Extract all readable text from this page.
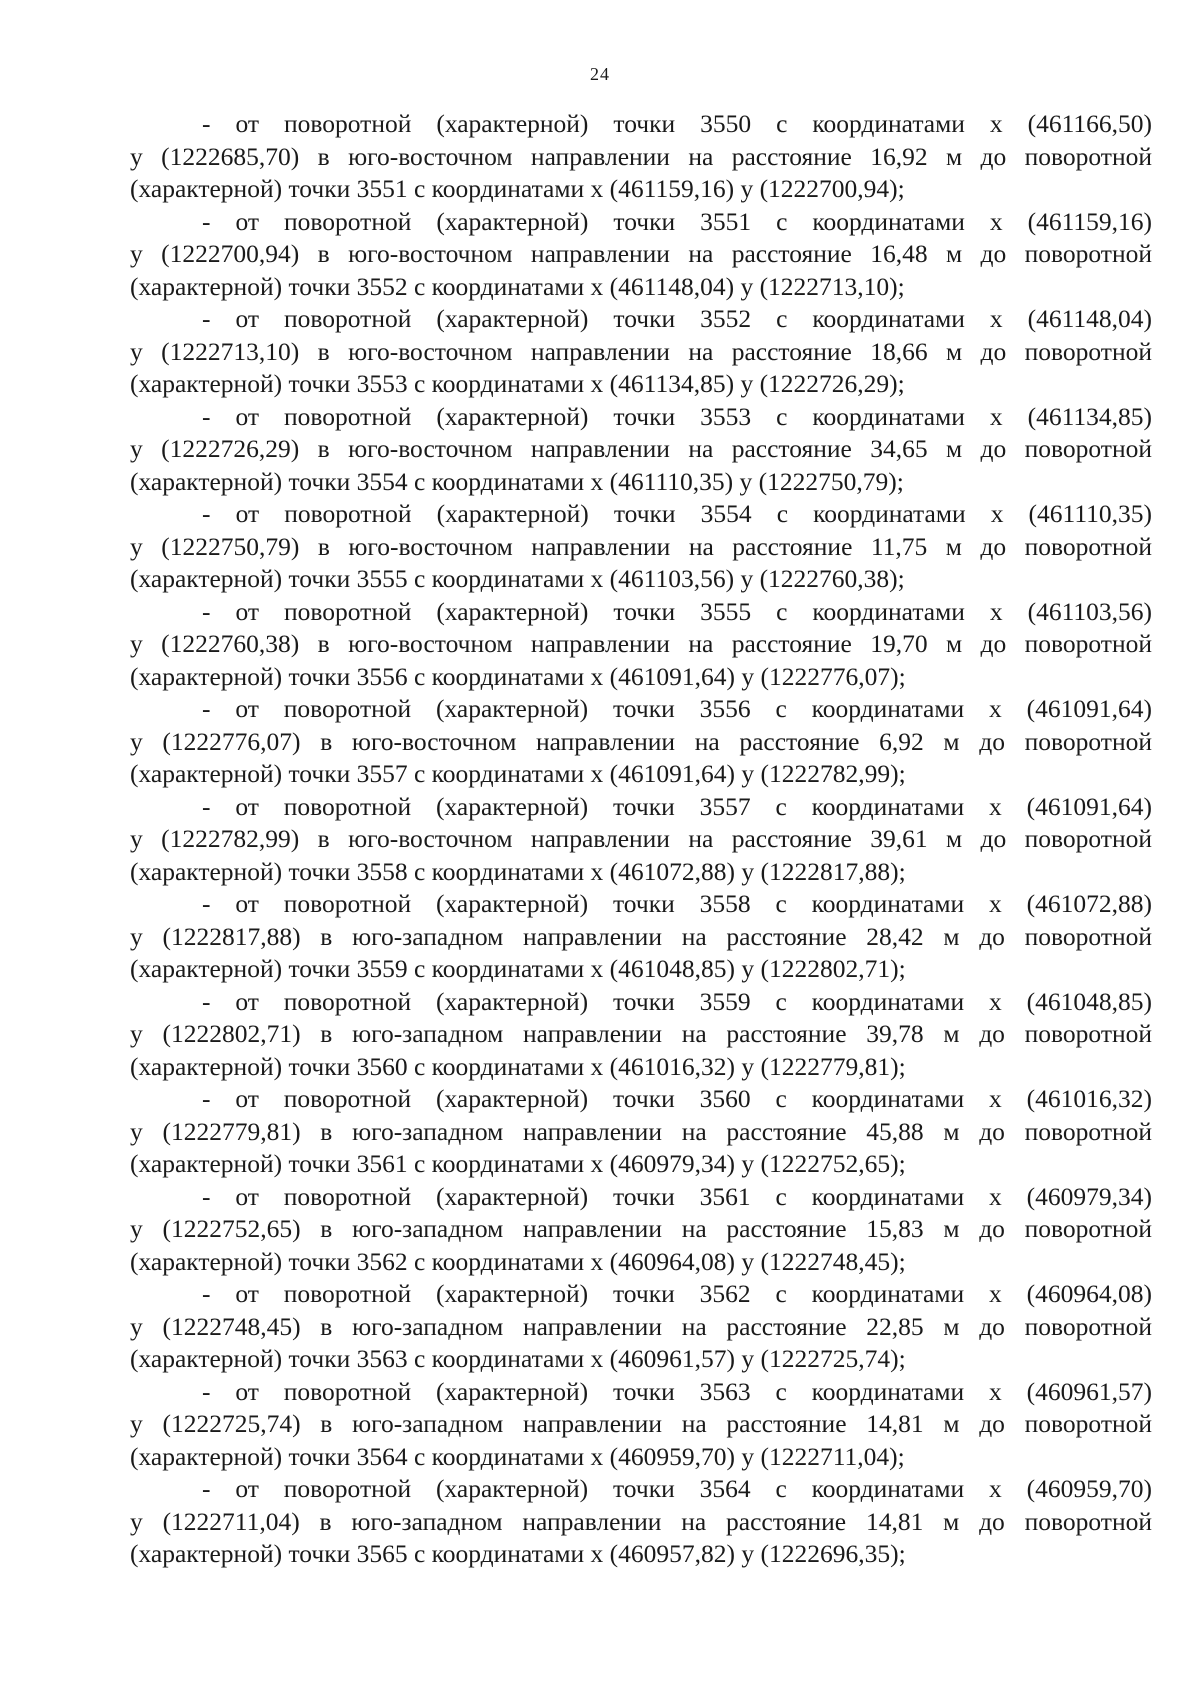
24

- от поворотной (характерной) точки 3550 с координатами х (461166,50)
у (1222685,70) в юго-восточном направлении на расстояние 16,92 м до поворотной
(характерной) точки 3551 с координатами х (461159,16) у (1222700,94);

- от поворотной (характерной) точки 3551 с координатами х (461159,16)
у (1222700,94) в юго-восточном направлении на расстояние 16,48 м до поворотной
(характерной) точки 3552 с координатами х (461148,04) у (1222713,10);

- от поворотной (характерной) точки 3552 с координатами х (461148,04)
у (1222713,10) в юго-восточном направлении на расстояние 18,66 м до поворотной
(характерной) точки 3553 с координатами х (461134,85) у (1222726,29);

- от поворотной (характерной) точки 3553 с координатами х (461134,85)
у (1222726,29) в юго-восточном направлении на расстояние 34,65 м до поворотной
(характерной) точки 3554 с координатами х (461110,35) у (1222750,79);

- от поворотной (характерной) точки 3554 с координатами х (461110,35)
у (1222750,79) в юго-восточном направлении на расстояние 11,75 м до поворотной
(характерной) точки 3555 с координатами х (461103,56) у (1222760,38);

- от поворотной (характерной) точки 3555 с координатами х (461103,56)
у (1222760,38) в юго-восточном направлении на расстояние 19,70 м до поворотной
(характерной) точки 3556 с координатами х (461091,64) у (1222776,07);

- от поворотной (характерной) точки 3556 с координатами х (461091,64)
у (1222776,07) в юго-восточном направлении на расстояние 6,92 м до поворотной
(характерной) точки 3557 с координатами х (461091,64) у (1222782,99);

- от поворотной (характерной) точки 3557 с координатами х (461091,64)
у (1222782,99) в юго-восточном направлении на расстояние 39,61 м до поворотной
(характерной) точки 3558 с координатами х (461072,88) у (1222817,88);

- от поворотной (характерной) точки 3558 с координатами х (461072,88)
у (1222817,88) в юго-западном направлении на расстояние 28,42 м до поворотной
(характерной) точки 3559 с координатами х (461048,85) у (1222802,71);

- от поворотной (характерной) точки 3559 с координатами х (461048,85)
у (1222802,71) в юго-западном направлении на расстояние 39,78 м до поворотной
(характерной) точки 3560 с координатами х (461016,32) у (1222779,81);

- от поворотной (характерной) точки 3560 с координатами х (461016,32)
у (1222779,81) в юго-западном направлении на расстояние 45,88 м до поворотной
(характерной) точки 3561 с координатами х (460979,34) у (1222752,65);

- от поворотной (характерной) точки 3561 с координатами х (460979,34)
у (1222752,65) в юго-западном направлении на расстояние 15,83 м до поворотной
(характерной) точки 3562 с координатами х (460964,08) у (1222748,45);

- от поворотной (характерной) точки 3562 с координатами х (460964,08)
у (1222748,45) в юго-западном направлении на расстояние 22,85 м до поворотной
(характерной) точки 3563 с координатами х (460961,57) у (1222725,74);

- от поворотной (характерной) точки 3563 с координатами х (460961,57)
у (1222725,74) в юго-западном направлении на расстояние 14,81 м до поворотной
(характерной) точки 3564 с координатами х (460959,70) у (1222711,04);

- от поворотной (характерной) точки 3564 с координатами х (460959,70)
у (1222711,04) в юго-западном направлении на расстояние 14,81 м до поворотной
(характерной) точки 3565 с координатами х (460957,82) у (1222696,35);
